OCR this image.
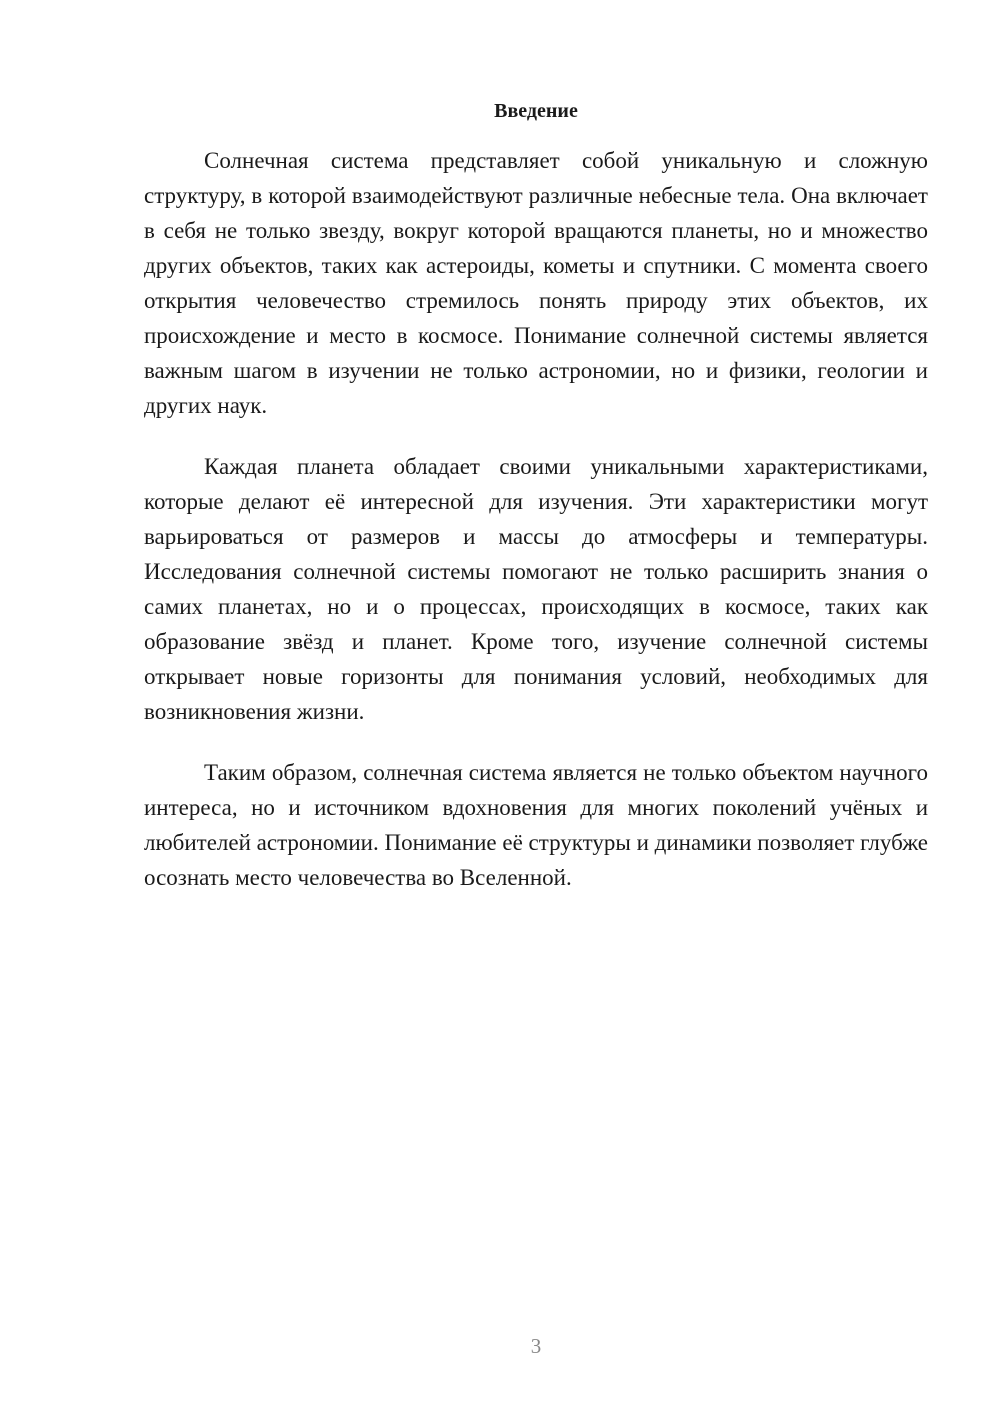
Введение

Солнечная система представляет собой уникальную и сложную структуру, в которой взаимодействуют различные небесные тела. Она включает в себя не только звезду, вокруг которой вращаются планеты, но и множество других объектов, таких как астероиды, кометы и спутники. С момента своего открытия человечество стремилось понять природу этих объектов, их происхождение и место в космосе. Понимание солнечной системы является важным шагом в изучении не только астрономии, но и физики, геологии и других наук.

Каждая планета обладает своими уникальными характеристиками, которые делают её интересной для изучения. Эти характеристики могут варьироваться от размеров и массы до атмосферы и температуры. Исследования солнечной системы помогают не только расширить знания о самих планетах, но и о процессах, происходящих в космосе, таких как образование звёзд и планет. Кроме того, изучение солнечной системы открывает новые горизонты для понимания условий, необходимых для возникновения жизни.

Таким образом, солнечная система является не только объектом научного интереса, но и источником вдохновения для многих поколений учёных и любителей астрономии. Понимание её структуры и динамики позволяет глубже осознать место человечества во Вселенной.

3
